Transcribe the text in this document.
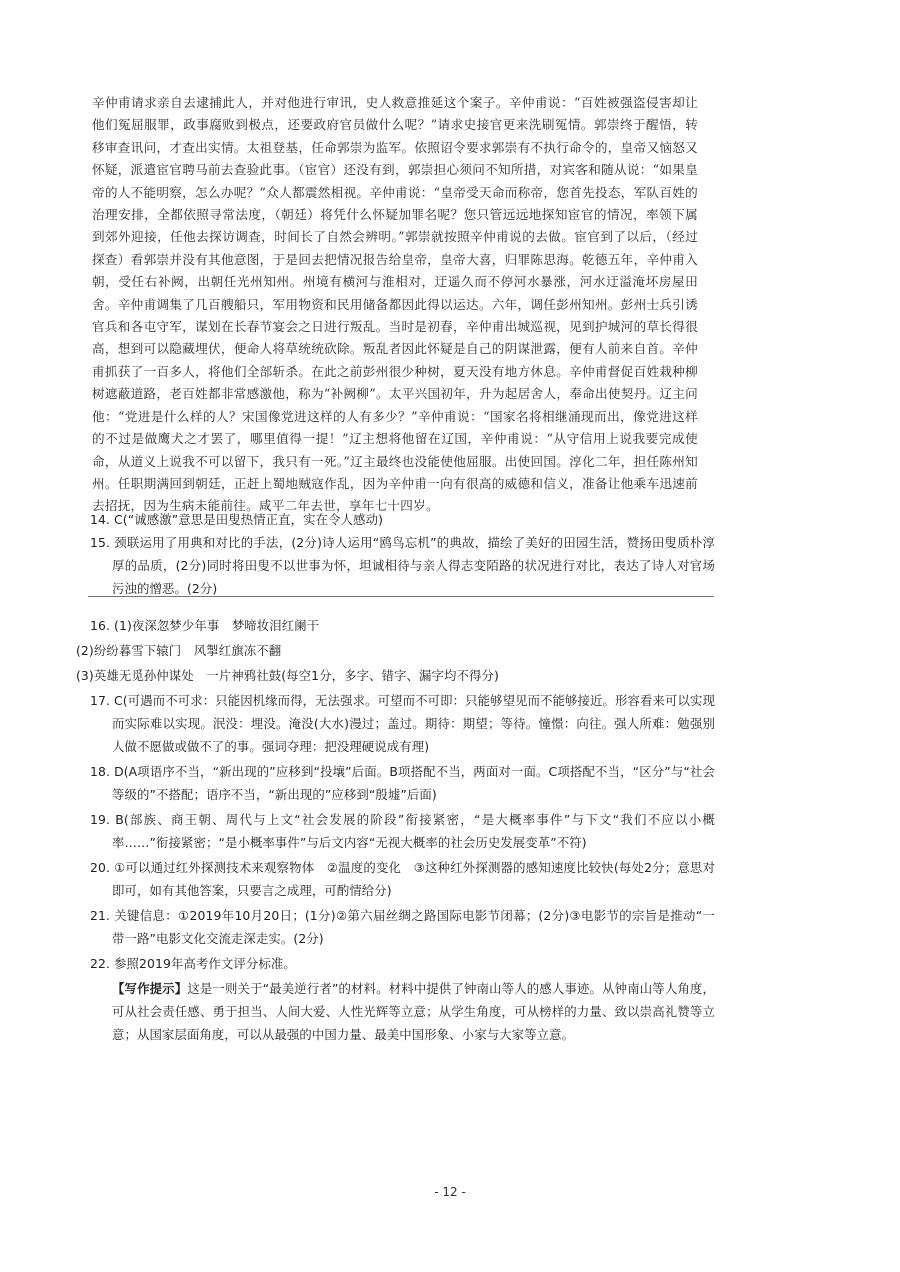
辛仲甫请求亲自去逮捕此人，并对他进行审讯，史人救意推延这个案子。辛仲甫说：“百姓被强盗侵害却让他们冤屈服罪，政事腐败到极点，还要政府官员做什么呢？”请求史接官更来洗刷冤情。郭崇终于醒悟，转移审查讯问，才查出实情。太祖登基，任命郭崇为监军。依照诏令要求郭崇有不执行命令的，皇帝又恼怒又怀疑，派遣宦官聘马前去查验此事。（宦官）还没有到，郭崇担心须问不知所措，对宾客和随从说：“如果皇帝的人不能明察，怎么办呢？”众人都震然相视。辛仲甫说：“皇帝受天命而称帝，您首先投态，军队百姓的治理安排，全都依照寻常法度，（朝廷）将凭什么怀疑加罪名呢？您只管远远地探知宦官的情况，率领下属到郊外迎接，任他去探访调查，时间长了自然会辨明。”郭崇就按照辛仲甫说的去做。宦官到了以后，（经过探查）看郭崇并没有其他意图，于是回去把情况报告给皇帝，皇帝大喜，归罪陈思海。乾德五年，辛仲甫入朝，受任右补阙，出朝任光州知州。州境有横河与淮相对，迂遥久而不停河水暴涨，河水迂溢淹坏房屋田舍。辛仲甫调集了几百艘船只，军用物资和民用储备都因此得以运达。六年，调任彭州知州。彭州士兵引诱官兵和各屯守军，谋划在长春节宴会之日进行叛乱。当时是初春，辛仲甫出城巡视，见到护城河的草长得很高，想到可以隐藏埋伏，便命人将草统统砍除。叛乱者因此怀疑是自己的阴谋泄露，便有人前来自首。辛仲甫抓获了一百多人，将他们全部斩杀。在此之前彭州很少种树，夏天没有地方休息。辛仲甫督促百姓栽种柳树遮蔽道路，老百姓都非常感激他，称为“补阙柳”。太平兴国初年，升为起居舍人，奉命出使契丹。辽主问他：“党进是什么样的人？宋国像党进这样的人有多少？”辛仲甫说：“国家名将相继涌现而出，像党进这样的不过是做鹰犬之才罢了，哪里值得一提！”辽主想将他留在辽国，辛仲甫说：“从守信用上说我要完成使命，从道义上说我不可以留下，我只有一死。”辽主最终也没能使他屈服。出使回国。淳化二年，担任陈州知州。任职期满回到朝廷，正赶上蜀地贼寇作乱，因为辛仲甫一向有很高的威德和信义，准备让他乘车迅速前去招抚，因为生病未能前往。咸平二年去世，享年七十四岁。

14. C(“诚感激”意思是田叟热情正直，实在令人感动)

15. 颈联运用了用典和对比的手法，(2分)诗人运用“鸥鸟忘机”的典故，描绘了美好的田园生活，赞扬田叟质朴淳厚的品质，(2分)同时将田叟不以世事为怀，坦诚相待与亲人得志变陌路的状况进行对比，表达了诗人对官场污浊的憎恶。(2分)

16. (1)夜深忽梦少年事　梦啼妆泪红阑干

(2)纷纷暮雪下辕门　风掣红旗冻不翻

(3)英雄无觅孙仲谋处　一片神鸦社鼓(每空1分，多字、错字、漏字均不得分)

17. C(可遇而不可求：只能因机缘而得，无法强求。可望而不可即：只能够望见而不能够接近。形容看来可以实现而实际难以实现。泯没：埋没。淹没(大水)漫过；盖过。期待：期望；等待。憧憬：向往。强人所难：勉强别人做不愿做或做不了的事。强词夺理：把没理硬说成有理)

18. D(A项语序不当，“新出现的”应移到“投壤”后面。B项搭配不当，两面对一面。C项搭配不当，“区分”与“社会等级的”不搭配；语序不当，“新出现的”应移到“殷墟”后面)

19. B(部族、商王朝、周代与上文“社会发展的阶段”衔接紧密，“是大概率事件”与下文“我们不应以小概率……”衔接紧密；“是小概率事件”与后文内容“无视大概率的社会历史发展变革”不符)

20. ①可以通过红外探测技术来观察物体　②温度的变化　③这种红外探测器的感知速度比较快(每处2分；意思对即可，如有其他答案，只要言之成理，可酌情给分)

21. 关键信息：①2019年10月20日；(1分)②第六届丝绸之路国际电影节闭幕；(2分)③电影节的宗旨是推动“一带一路”电影文化交流走深走实。(2分)

22. 参照2019年高考作文评分标准。

【写作提示】这是一则关于“最美逆行者”的材料。材料中提供了钟南山等人的感人事迹。从钟南山等人角度，可从社会责任感、勇于担当、人间大爱、人性光辉等立意；从学生角度，可从榜样的力量、致以崇高礼赞等立意；从国家层面角度，可以从最强的中国力量、最美中国形象、小家与大家等立意。

- 12 -
